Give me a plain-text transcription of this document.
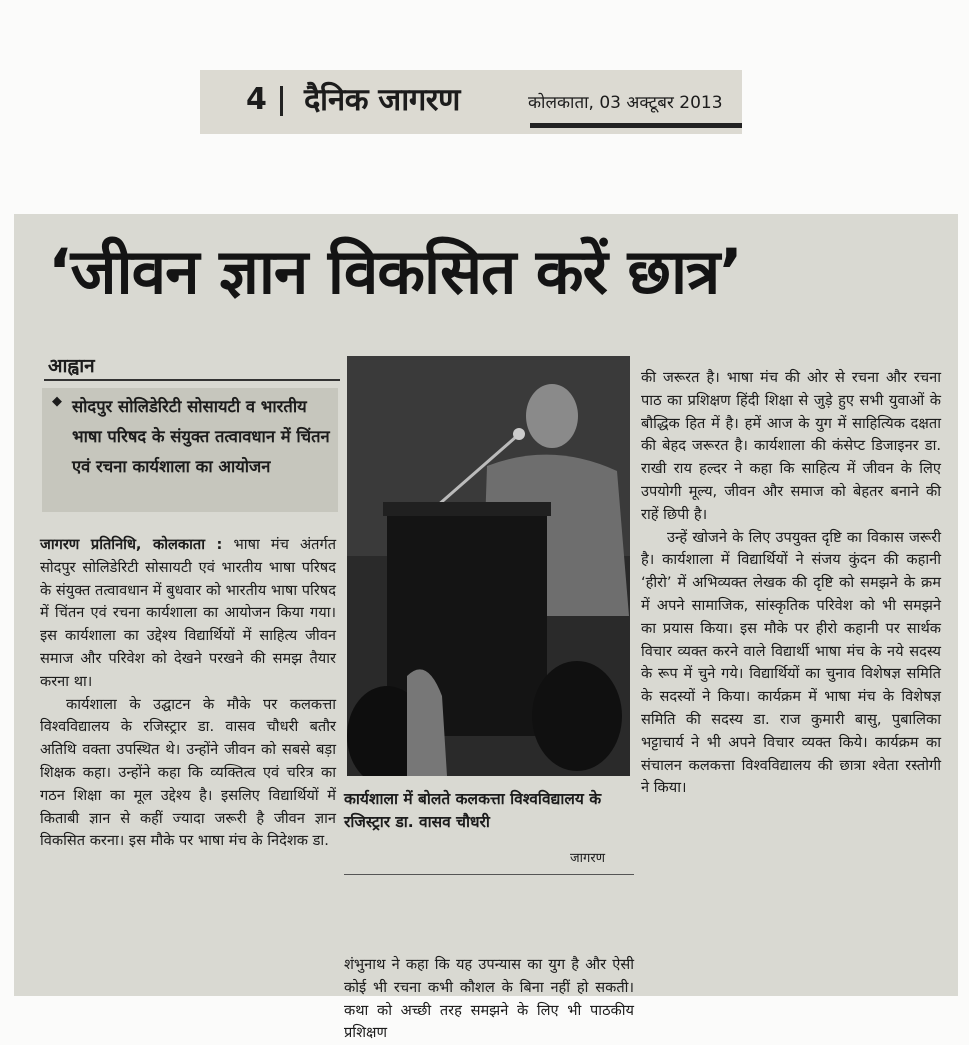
4 दैनिक जागरण	कोलकाता, 03 अक्टूबर 2013
‘जीवन ज्ञान विकसित करें छात्र’
आह्वान
◆ सोदपुर सोलिडेरिटी सोसायटी व भारतीय भाषा परिषद के संयुक्त तत्वावधान में चिंतन एवं रचना कार्यशाला का आयोजन

जागरण प्रतिनिधि, कोलकाता : भाषा मंच अंतर्गत सोदपुर सोलिडेरिटी सोसायटी एवं भारतीय भाषा परिषद के संयुक्त तत्वावधान में बुधवार को भारतीय भाषा परिषद में चिंतन एवं रचना कार्यशाला का आयोजन किया गया। इस कार्यशाला का उद्देश्य विद्यार्थियों में साहित्य जीवन समाज और परिवेश को देखने परखने की समझ तैयार करना था।

कार्यशाला के उद्घाटन के मौके पर कलकत्ता विश्वविद्यालय के रजिस्ट्रार डा. वासव चौधरी बतौर अतिथि वक्ता उपस्थित थे। उन्होंने जीवन को सबसे बड़ा शिक्षक कहा। उन्होंने कहा कि व्यक्तित्व एवं चरित्र का गठन शिक्षा का मूल उद्देश्य है। इसलिए विद्यार्थियों में किताबी ज्ञान से कहीं ज्यादा जरूरी है जीवन ज्ञान विकसित करना। इस मौके पर भाषा मंच के निदेशक डा.

कार्यशाला में बोलते कलकत्ता विश्वविद्यालय के रजिस्ट्रार डा. वासव चौधरी
जागरण

शंभुनाथ ने कहा कि यह उपन्यास का युग है और ऐसी कोई भी रचना कभी कौशल के बिना नहीं हो सकती। कथा को अच्छी तरह समझने के लिए भी पाठकीय प्रशिक्षण

की जरूरत है। भाषा मंच की ओर से रचना और रचना पाठ का प्रशिक्षण हिंदी शिक्षा से जुड़े हुए सभी युवाओं के बौद्धिक हित में है। हमें आज के युग में साहित्यिक दक्षता की बेहद जरूरत है। कार्यशाला की कंसेप्ट डिजाइनर डा. राखी राय हल्दर ने कहा कि साहित्य में जीवन के लिए उपयोगी मूल्य, जीवन और समाज को बेहतर बनाने की राहें छिपी है।

उन्हें खोजने के लिए उपयुक्त दृष्टि का विकास जरूरी है। कार्यशाला में विद्यार्थियों ने संजय कुंदन की कहानी ‘हीरो’ में अभिव्यक्त लेखक की दृष्टि को समझने के क्रम में अपने सामाजिक, सांस्कृतिक परिवेश को भी समझने का प्रयास किया। इस मौके पर हीरो कहानी पर सार्थक विचार व्यक्त करने वाले विद्यार्थी भाषा मंच के नये सदस्य के रूप में चुने गये। विद्यार्थियों का चुनाव विशेषज्ञ समिति के सदस्यों ने किया। कार्यक्रम में भाषा मंच के विशेषज्ञ समिति की सदस्य डा. राज कुमारी बासु, पुबालिका भट्टाचार्य ने भी अपने विचार व्यक्त किये। कार्यक्रम का संचालन कलकत्ता विश्वविद्यालय की छात्रा श्वेता रस्तोगी ने किया।
